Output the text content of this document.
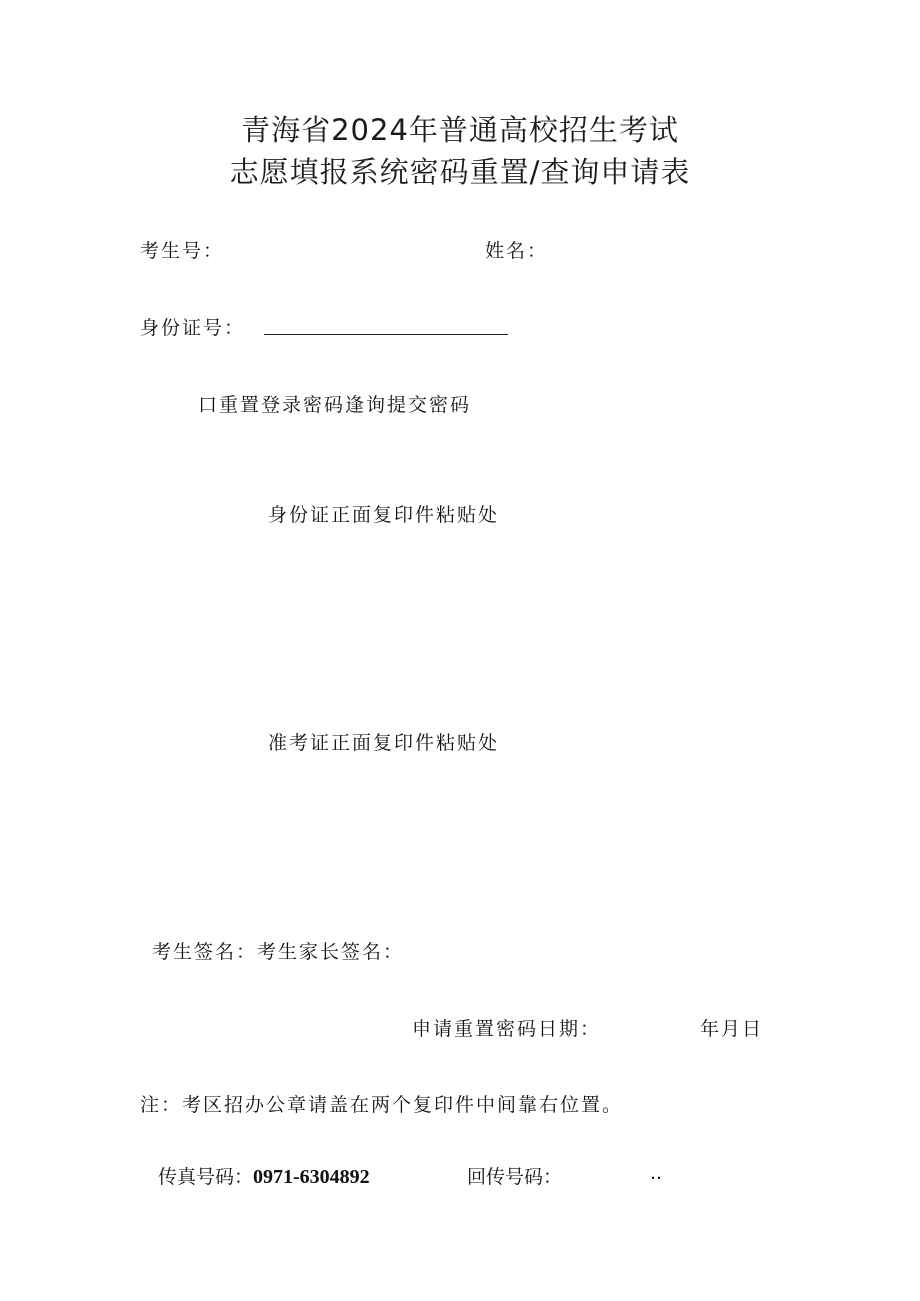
青海省2024年普通高校招生考试
志愿填报系统密码重置/查询申请表
考生号：	姓名：
身份证号：
口重置登录密码逢询提交密码
身份证正面复印件粘贴处
准考证正面复印件粘贴处
考生签名：考生家长签名：
申请重置密码日期：	年月日
注：考区招办公章请盖在两个复印件中间靠右位置。
传真号码：0971-6304892	回传号码：	..
